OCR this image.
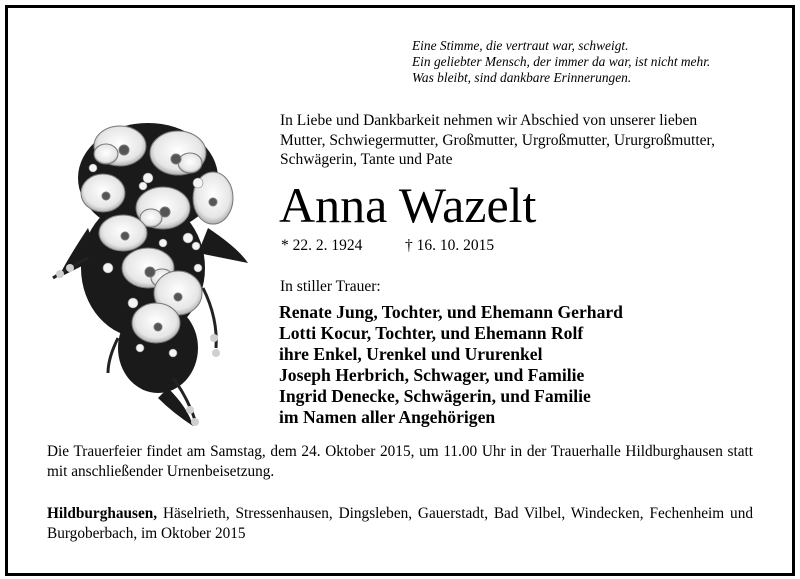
Eine Stimme, die vertraut war, schweigt.
Ein geliebter Mensch, der immer da war, ist nicht mehr.
Was bleibt, sind dankbare Erinnerungen.
In Liebe und Dankbarkeit nehmen wir Abschied von unserer lieben
Mutter, Schwiegermutter, Großmutter, Urgroßmutter, Ururgroßmutter,
Schwägerin, Tante und Pate
Anna Wazelt
* 22. 2. 1924	† 16. 10. 2015
In stiller Trauer:
Renate Jung, Tochter, und Ehemann Gerhard
Lotti Kocur, Tochter, und Ehemann Rolf
ihre Enkel, Urenkel und Ururenkel
Joseph Herbrich, Schwager, und Familie
Ingrid Denecke, Schwägerin, und Familie
im Namen aller Angehörigen
Die Trauerfeier findet am Samstag, dem 24. Oktober 2015, um 11.00 Uhr in der Trauerhalle Hildburghausen statt mit anschließender Urnenbeisetzung.
Hildburghausen, Häselrieth, Stressenhausen, Dingsleben, Gauerstadt, Bad Vilbel, Windecken, Fechenheim und Burgoberbach, im Oktober 2015
